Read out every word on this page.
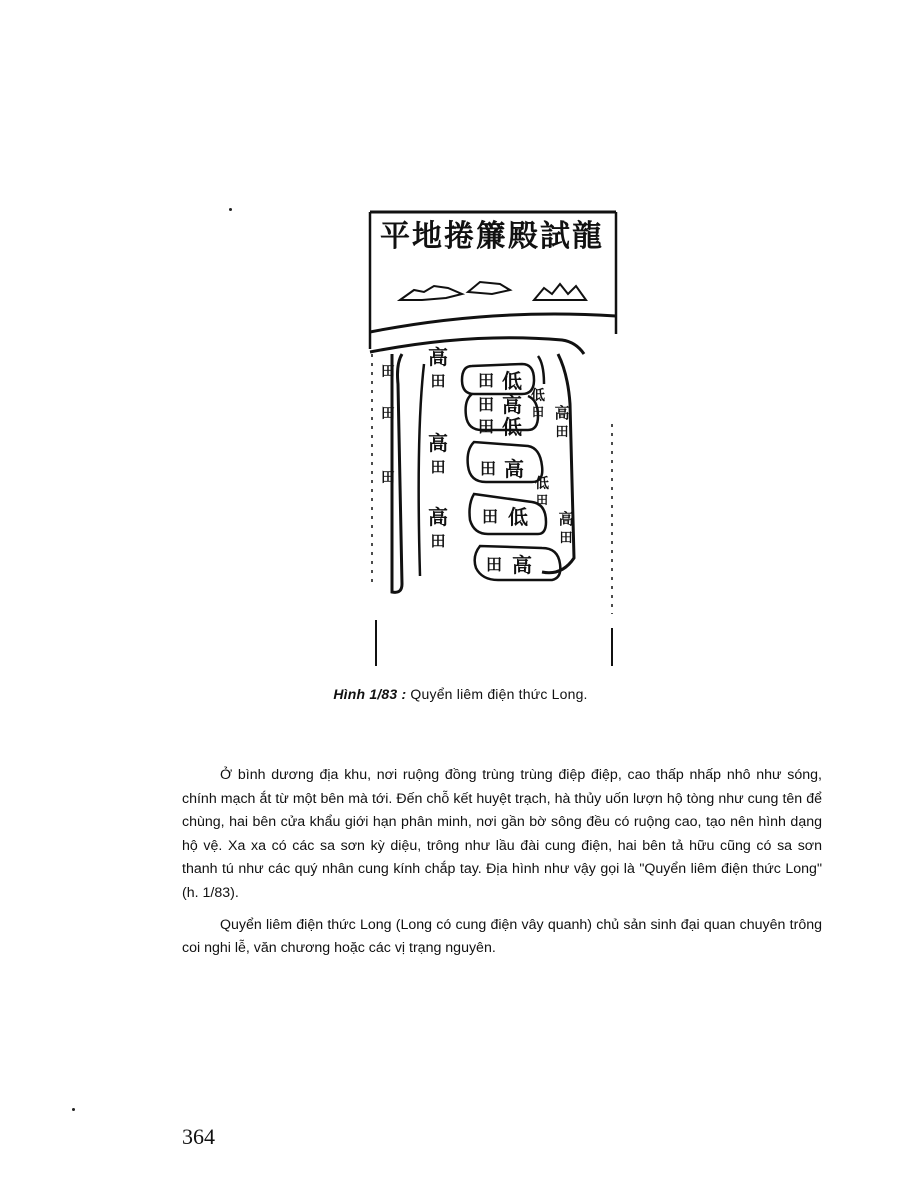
平地捲簾殿試龍
田
田
田
高
田
高
田
高
田
田 低
田 高
田 低
田 高
田 低
田 高
低
田 高
田
低
田
高
田
Hình 1/83 : Quyển liêm điện thức Long.

Ở bình dương địa khu, nơi ruộng đồng trùng trùng điệp điệp, cao thấp nhấp nhô như sóng, chính mạch ắt từ một bên mà tới. Đến chỗ kết huyệt trạch, hà thủy uốn lượn hộ tòng như cung tên để chùng, hai bên cửa khẩu giới hạn phân minh, nơi gần bờ sông đều có ruộng cao, tạo nên hình dạng hộ vệ. Xa xa có các sa sơn kỳ diệu, trông như lầu đài cung điện, hai bên tả hữu cũng có sa sơn thanh tú như các quý nhân cung kính chắp tay. Địa hình như vậy gọi là "Quyển liêm điện thức Long" (h. 1/83).

Quyển liêm điện thức Long (Long có cung điện vây quanh) chủ sản sinh đại quan chuyên trông coi nghi lễ, văn chương hoặc các vị trạng nguyên.

364
